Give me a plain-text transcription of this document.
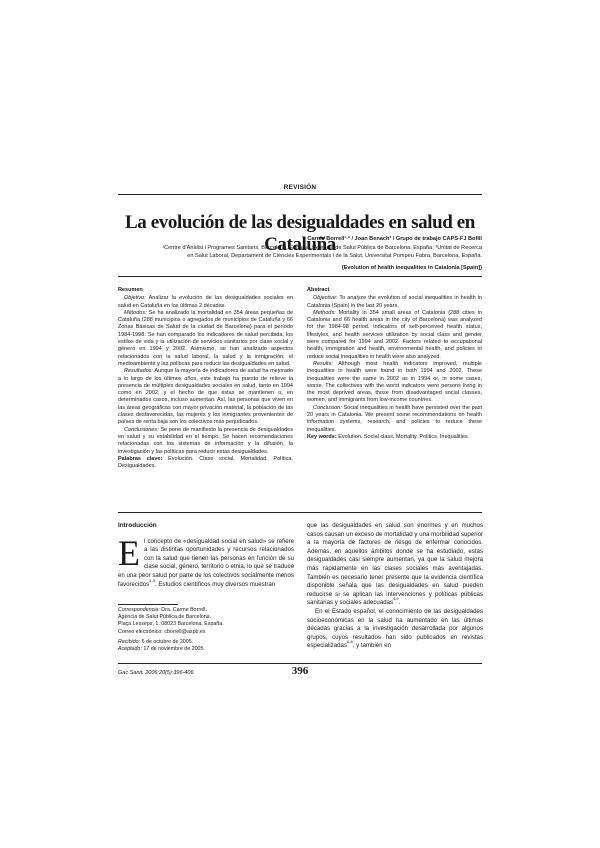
REVISIÓN
La evolución de las desigualdades en salud en Cataluña
Carme Borrell¹·² / Joan Benach³ / Grupo de trabajo CAPS-FJ Bofill
¹Centre d'Anàlisi i Programes Sanitaris, Barcelona, España; ²Agència de Salut Pública de Barcelona, España; ³Unitat de Recerca
en Salut Laboral, Departament de Ciències Experimentals i de la Salut, Universitat Pompeu Fabra, Barcelona, España.
(Evolution of health inequalities in Catalonia [Spain])
Resumen

Objetivo: Analizar la evolución de las desigualdades sociales en salud en Cataluña en las últimas 2 décadas.

Métodos: Se ha analizado la mortalidad en 354 áreas pequeñas de Cataluña (288 municipios o agregados de municipios de Cataluña y 66 Zonas Básicas de Salud de la ciudad de Barcelona) para el período 1984-1998. Se han comparado los indicadores de salud percibida, los estilos de vida y la utilización de servicios sanitarios por clase social y género en 1994 y 2002. Asimismo, se han analizado aspectos relacionados con la salud laboral, la salud y la inmigración, el medioambiente y las políticas para reducir las desigualdades en salud.

Resultados: Aunque la mayoría de indicadores de salud ha mejorado a lo largo de los últimos años, este trabajo ha puesto de relieve la presencia de múltiples desigualdades sociales en salud, tanto en 1994 como en 2002, y el hecho de que éstas se mantienen o, en determinados casos, incluso aumentan. Así, las personas que viven en las áreas geográficas con mayor privación material, la población de las clases desfavorecidas, las mujeres y los inmigrantes provenientes de países de renta baja son los colectivos más perjudicados.

Conclusiones: Se pone de manifiesto la presencia de desigualdades en salud y su estabilidad en el tiempo. Se hacen recomendaciones relacionadas con los sistemas de información y la difusión, la investigación y las políticas para reducir estas desigualdades.

Palabras clave: Evolución. Clase social. Mortalidad. Política. Desigualdades.

Abstract

Objective: To analyze the evolution of social inequalities in health in Catalonia (Spain) in the last 20 years.

Methods: Mortality in 354 small areas of Catalonia (288 cities in Catalonia and 66 health areas in the city of Barcelona) was analyzed for the 1984-98 period. Indicators of self-perceived health status, lifestyles, and health services utilization by social class and gender were compared for 1994 and 2002. Factors related to occupational health, immigration and health, environmental health, and policies to reduce social inequalities in health were also analyzed.

Results: Although most health indicators improved, multiple inequalities in health were found in both 1994 and 2002. These inequalities were the same in 2002 as in 1994 or, in some cases, worse. The collectives with the worst indicators were persons living in the most deprived areas, those from disadvantaged social classes, women, and immigrants from low-income countries.

Conclusion: Social inequalities in health have persisted over the past 20 years in Catalonia. We present some recommendations on health information systems, research, and policies to reduce these inequalities.

Key words: Evolution. Social class. Mortality. Politics. Inequalities.

Introducción

El concepto de «desigualdad social en salud» se refiere a las distintas oportunidades y recursos relacionados con la salud que tienen las personas en función de su clase social, género, territorio o etnia, lo que se traduce en una peor salud por parte de los colectivos socialmente menos favorecidos$^{1-3}$. Estudios científicos muy diversos muestran

que las desigualdades en salud son enormes y en muchos casos causan un exceso de mortalidad y una morbilidad superior a la mayoría de factores de riesgo de enfermar conocidos. Además, en aquellos ámbitos donde se ha estudiado, estas desigualdades casi siempre aumentan, ya que la salud mejora más rápidamente en las clases sociales más aventajadas. También es necesario tener presente que la evidencia científica disponible señala que las desigualdades en salud pueden reducirse si se aplican las intervenciones y políticas públicas sanitarias y sociales adecuadas$^{4,5}$.

En el Estado español, el conocimiento de las desigualdades socioeconómicas en la salud ha aumentado en las últimas décadas gracias a la investigación desarrollada por algunos grupos, cuyos resultados han sido publicados en revistas especializadas$^{6-8}$, y también en

Correspondencia: Dra. Carme Borrell.
Agència de Salut Pública de Barcelona.
Plaça Lesseps, 1. 08023 Barcelona. España.
Correo electrónico: cborrell@aspb.es
Recibido: 6 de octubre de 2005.
Aceptado: 17 de noviembre de 2005.
Gac Sanit. 2006;20(5):396-406	396
